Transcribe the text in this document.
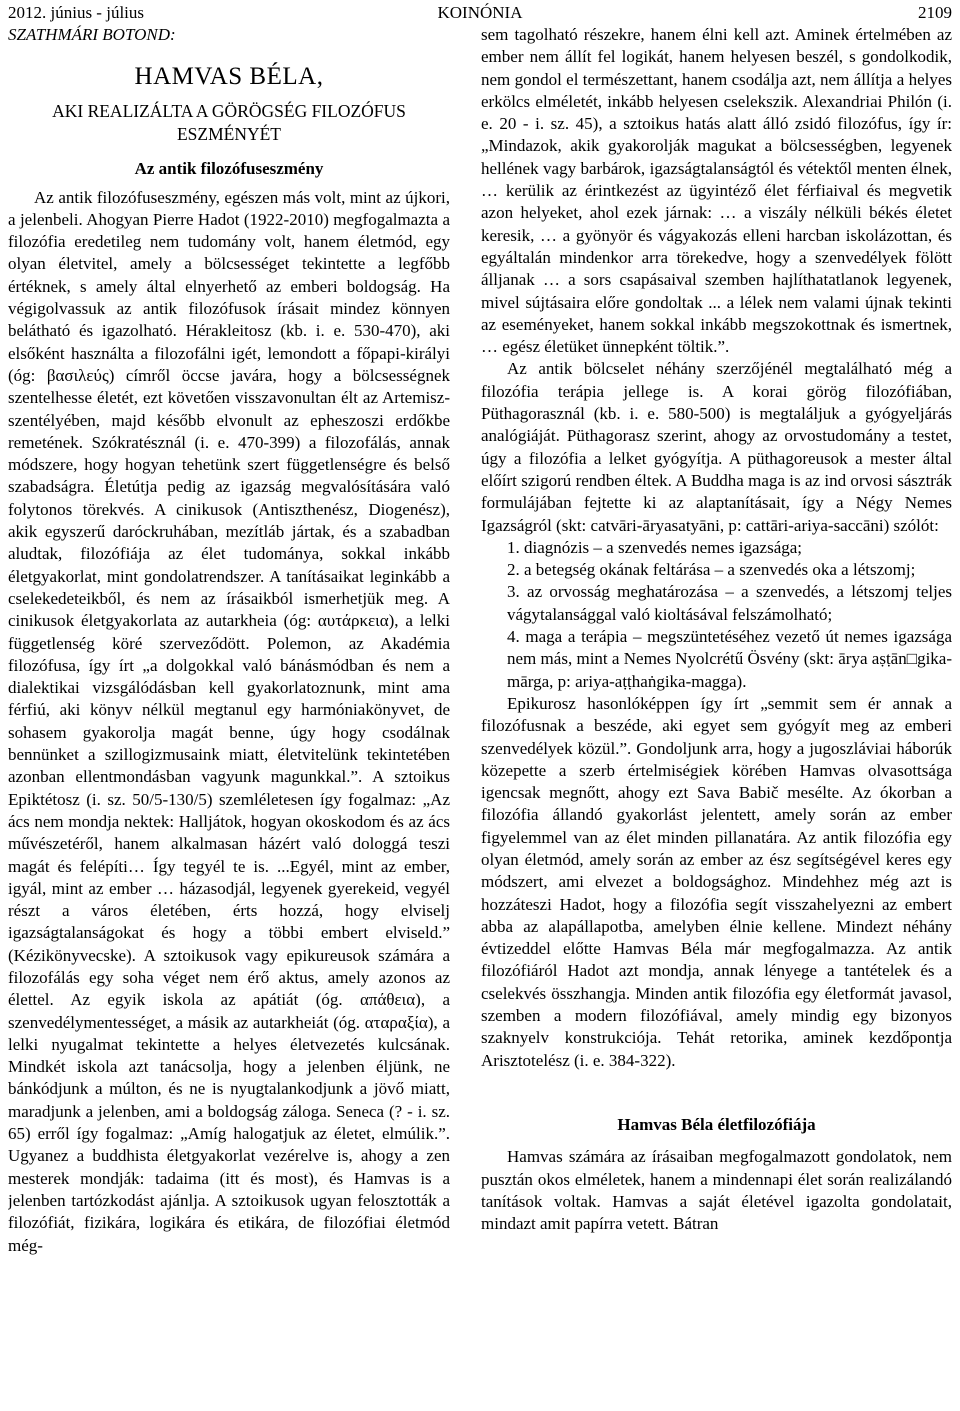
2012. június - július	KOINÓNIA	2109

SZATHMÁRI BOTOND:

HAMVAS BÉLA,
AKI REALIZÁLTA A GÖRÖGSÉG FILOZÓFUS ESZMÉNYÉT
Az antik filozófuseszmény

Az antik filozófuseszmény, egészen más volt, mint az újkori, a jelenbeli. Ahogyan Pierre Hadot (1922-2010) megfogalmazta a filozófia eredetileg nem tudomány volt, hanem életmód, egy olyan életvitel, amely a bölcsességet tekintette a legfőbb értéknek, s amely által elnyerhető az emberi boldogság. Ha végigolvassuk az antik filozófusok írásait mindez könnyen belátható és igazolható. Hérakleitosz (kb. i. e. 530-470), aki elsőként használta a filozofálni igét, lemondott a főpapi-királyi (óg: βασιλεύς) címről öccse javára, hogy a bölcsességnek szentelhesse életét, ezt követően visszavonultan élt az Artemisz-szentélyében, majd később elvonult az epheszoszi erdőkbe remetének. Szókratésznál (i. e. 470-399) a filozofálás, annak módszere, hogy hogyan tehetünk szert függetlenségre és belső szabadságra. Életútja pedig az igazság megvalósítására való folytonos törekvés. A cinikusok (Antiszthenész, Diogenész), akik egyszerű daróckruhában, mezítláb jártak, és a szabadban aludtak, filozófiája az élet tudománya, sokkal inkább életgyakorlat, mint gondolatrendszer. A tanításaikat leginkább a cselekedeteikből, és nem az írásaikból ismerhetjük meg. A cinikusok életgyakorlata az autarkheia (óg: αυτάρκεια), a lelki függetlenség köré szerveződött. Polemon, az Akadémia filozófusa, így írt „a dolgokkal való bánásmódban és nem a dialektikai vizsgálódásban kell gyakorlatoznunk, mint ama férfiú, aki könyv nélkül megtanul egy harmóniakönyvet, de sohasem gyakorolja magát benne, úgy hogy csodálnak bennünket a szillogizmusaink miatt, életvitelünk tekintetében azonban ellentmondásban vagyunk magunkkal.”. A sztoikus Epiktétosz (i. sz. 50/5-130/5) szemléletesen így fogalmaz: „Az ács nem mondja nektek: Halljátok, hogyan okoskodom és az ács művészetéről, hanem alkalmasan házért való dologgá teszi magát és felépíti… Így tegyél te is. ...Egyél, mint az ember, igyál, mint az ember … házasodjál, legyenek gyerekeid, vegyél részt a város életében, érts hozzá, hogy elviselj igazságtalanságokat és hogy a többi embert elviseld.” (Kézikönyvecske). A sztoikusok vagy epikureusok számára a filozofálás egy soha véget nem érő aktus, amely azonos az élettel. Az egyik iskola az apátiát (óg. απάθεια), a szenvedélymentességet, a másik az autarkheiát (óg. αταραξία), a lelki nyugalmat tekintette a helyes életvezetés kulcsának. Mindkét iskola azt tanácsolja, hogy a jelenben éljünk, ne bánkódjunk a múlton, és ne is nyugtalankodjunk a jövő miatt, maradjunk a jelenben, ami a boldogság záloga. Seneca (? - i. sz. 65) erről így fogalmaz: „Amíg halogatjuk az életet, elmúlik.”. Ugyanez a buddhista életgyakorlat vezérelve is, ahogy a zen mesterek mondják: tadaima (itt és most), és Hamvas is a jelenben tartózkodást ajánlja. A sztoikusok ugyan felosztották a filozófiát, fizikára, logikára és etikára, de filozófiai életmód még-

sem tagolható részekre, hanem élni kell azt. Aminek értelmében az ember nem állít fel logikát, hanem helyesen beszél, s gondolkodik, nem gondol el természettant, hanem csodálja azt, nem állítja a helyes erkölcs elméletét, inkább helyesen cselekszik. Alexandriai Philón (i. e. 20 - i. sz. 45), a sztoikus hatás alatt álló zsidó filozófus, így ír: „Mindazok, akik gyakorolják magukat a bölcsességben, legyenek hellének vagy barbárok, igazságtalanságtól és vétektől menten élnek, … kerülik az érintkezést az ügyintéző élet férfiaival és megvetik azon helyeket, ahol ezek járnak: … a viszály nélküli békés életet keresik, … a gyönyör és vágyakozás elleni harcban iskolázottan, és egyáltalán mindenkor arra törekedve, hogy a szenvedélyek fölött álljanak … a sors csapásaival szemben hajlíthatatlanok legyenek, mivel sújtásaira előre gondoltak ... a lélek nem valami újnak tekinti az eseményeket, hanem sokkal inkább megszokottnak és ismertnek, … egész életüket ünnepként töltik.”.

Az antik bölcselet néhány szerzőjénél megtalálható még a filozófia terápia jellege is. A korai görög filozófiában, Püthagorasznál (kb. i. e. 580-500) is megtaláljuk a gyógyeljárás analógiáját. Püthagorasz szerint, ahogy az orvostudomány a testet, úgy a filozófia a lelket gyógyítja. A püthagoreusok a mester által előírt szigorú rendben éltek. A Buddha maga is az ind orvosi sásztrák formulájában fejtette ki az alaptanításait, így a Négy Nemes Igazságról (skt: catvāri-āryasatyāni, p: cattāri-ariya-saccāni) szólót:

1. diagnózis – a szenvedés nemes igazsága;
2. a betegség okának feltárása – a szenvedés oka a létszomj;
3. az orvosság meghatározása – a szenvedés, a létszomj teljes vágytalansággal való kioltásával felszámolható;
4. maga a terápia – megszüntetéséhez vezető út nemes igazsága nem más, mint a Nemes Nyolcrétű Ösvény (skt: ārya aṣṭān□gika-mārga, p: ariya-aṭṭhaṅgika-magga).

Epikurosz hasonlóképpen így írt „semmit sem ér annak a filozófusnak a beszéde, aki egyet sem gyógyít meg az emberi szenvedélyek közül.”. Gondoljunk arra, hogy a jugoszláviai háborúk közepette a szerb értelmiségiek körében Hamvas olvasottsága igencsak megnőtt, ahogy ezt Sava Babič mesélte. Az ókorban a filozófia állandó gyakorlást jelentett, amely során az ember figyelemmel van az élet minden pillanatára. Az antik filozófia egy olyan életmód, amely során az ember az ész segítségével keres egy módszert, ami elvezet a boldogsághoz. Mindehhez még azt is hozzáteszi Hadot, hogy a filozófia segít visszahelyezni az embert abba az alapállapotba, amelyben élnie kellene. Mindezt néhány évtizeddel előtte Hamvas Béla már megfogalmazza. Az antik filozófiáról Hadot azt mondja, annak lényege a tantételek és a cselekvés összhangja. Minden antik filozófia egy életformát javasol, szemben a modern filozófiával, amely mindig egy bizonyos szaknyelv konstrukciója. Tehát retorika, aminek kezdőpontja Arisztotelész (i. e. 384-322).

Hamvas Béla életfilozófiája

Hamvas számára az írásaiban megfogalmazott gondolatok, nem pusztán okos elméletek, hanem a mindennapi élet során realizálandó tanítások voltak. Hamvas a saját életével igazolta gondolatait, mindazt amit papírra vetett. Bátran
